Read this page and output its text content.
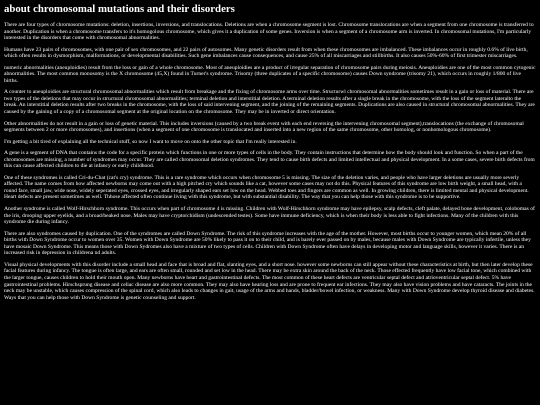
about chromosomal mutations and their disorders

There are four types of chromosome mutations: deletion, insertions, inversions, and translocations. Deletions are when a chromosome segment is lost. Chromosome translocations are when a segment from one chromosome is transferred to another. Duplication is when a chromosome transfers to it's homogolous chromosome, which gives it a duplication of some genes. Inversion is when a segment of a chromosome arm is inverted. In chromosomal mutations, I'm particularly interested in the disorders that come with chromosomal abnormalities.

Humans have 23 pairs of chromosomes, with one pair of sex chromosomes, and 22 pairs of autosomes. Many genetic disorders result from when these chromosomes are imbalanced. These imbalances occur in roughly 0.6% of live birth, which often results in dysmorphism, malformations, or developmental disabilities. Such gene imbalances cause consequences, and cause 25% of all miscarriages and stillbirths. It also causes 50%-60% of first trimester miscarriages.

numeric abnormalities (aneuploidies) result from the loss or gain of a whole chromosome. Most of aneuploidies are a product of irregular separation of chromosome pairs during meiosis. Aneuploidies are one of the most common cytogenic abnormalities. The most common monosomy is the X chromosome (45,X) found in Turner's syndrome. Trisomy (three duplicates of a specific chromosome) causes Down syndrome (trisomy 21), which occurs in roughly 1/800 of live births.

A counter to aneuploidies are structural chromosomal abnormalities which result from breakage and the fixing of chromosome arms over time. Structurwl chromosomal abnormalities sometimes result in a gain or loss of material. There are two types of the deletions that may occur in structural chromosomal abnormalities; terminal deletion and interstitial deletion. A terminal deletion results after a single break in the chromosome, with the loss of the segment lateralto the break. An interstitial deletion results after two breaks in the chromosome, with the loss of said intervening segment, and the joining of the remaining segments. Duplications are also caused in structural chromosomal abnormalities. They are caused by the gaining of a copy of a chromosomal segment at the original location on the chromosome. They may be in inverted or direct orientation.

Other abnormalities do not result in a gain or loss of genetic material. This includes inversions (caused by a two break event with each end reversing the intervening chromosomal segment),translocations (the exchange of chromosomal segments between 2 or more chromosomes), and insertions (when a segment of one chromosome is translocated and inserted into a new region of the same chromosome, other homolog, or nonhomologous chromosome).

I'm getting a bit tired of explaining all the technical stuff, so now I want to move on onto the other topic that I'm really interested in.

A gene is a segment of DNA that contains the code for a specific protein which functions in one or more types of cells in the body. They contain instructions that determine how the body should look and function. So when a part of the chromosomes are missing, a number of syndromes may occur. They are called chromosomal deletion syndromes. They tend to cause birth defects and limited intellectual and physical development. In a some cases, severe birth defects from this can cause affected children to die at infancy or early childhood.

One of these syndromes is called Cri-du-Chat (cat's cry) syndrome. This is a rare syndrome which occurs when chromosome 5 is missing. The size of the deletion varies, and people who have larger deletions are usually more severly affected. The name comes from how affected newborns may come out with a high pitched cry which sounds like a cat, however some cases may not do this. Physical features of this syndrome are low birth weight, a small head, with a round face, small jaw, wide nose, widely seperated eyes, crossed eyes, and irregularly shaped ears set low on the head. Webbed toes and fingers are common as well. In growing children, there is limited mental and physical development. Heart defects are present sometimes as well. Thhose affected often continue living with this syndrome, but with substantial disability. The way that you can help those with this syndrome is to be supportive.

Another syndrome is called Wolf-Hirschhorn syndrome. This occurs when part of chromosome 4 is missing. Children with Wolf-Hirschhorn syndrome may have epilepsy, scalp defects, cleft palate, delayed bone development, colobomas of the iris, drooping upper eyelids, and a broad/beaked nose. Males may have cryptorchidism (undescended testes). Some have immune deficiency, which is when their body is less able to fight infections. Many of the children with this syndrome die during infancy.

There are also syndromes caused by duplication. One of the syndromes are called Down Syndrome. The risk of this syndrome increases with the age of the mother. However, most births occur to younger women, which mean 20% of all births with Down Syndrome occur to women over 35. Women with Down Syndrome are 50% likely to pass it on to their child, and is barely ever passed on by males, because males with Down Syndrome are typically infertile, unless they have mosaic Down Syndrome. This means those with Down Sydromes also have a mixture of two types of cells. Children with Down Syndrome often have delays in developing motor and language skills, however it varies. There is an increased risk in depression in childrena nd adults.

Visual physical developments with this disorder include a small head and face that is broad and flat, slanting eyes, and a short nose. however some newborns can still appear without these characteristics at birth, but then later develop these facial features during infancy. The tongue is often large, and ears are often small, rounded and set low in the head. There may be extra skin around the back of the neck. Those effected frequently have low facial tone, which combined with the larger tongue, causes children to hold their mouth open. Many newborns have heart and gastrointestinal defects. The most common of these heart defects are ventricular septal defect and atrioventricular septal defect. 5% have gastrointestinal problems. Hirschsprung disease and celiac disease are also more common. They may also have hearing loss and are prone to frequent ear infections. They may also have vision problems and have cataracts. The joints in the neck may be unstable, which causes compression of the spinal cord, which also leads to changes in gait, usage of the arms and hands, bladder/bowel infection, or weakness. Many with Down Syndrome develop thyroid disease and diabetes. Ways that you can help those with Down Syndrome is genetic counseling and support.
